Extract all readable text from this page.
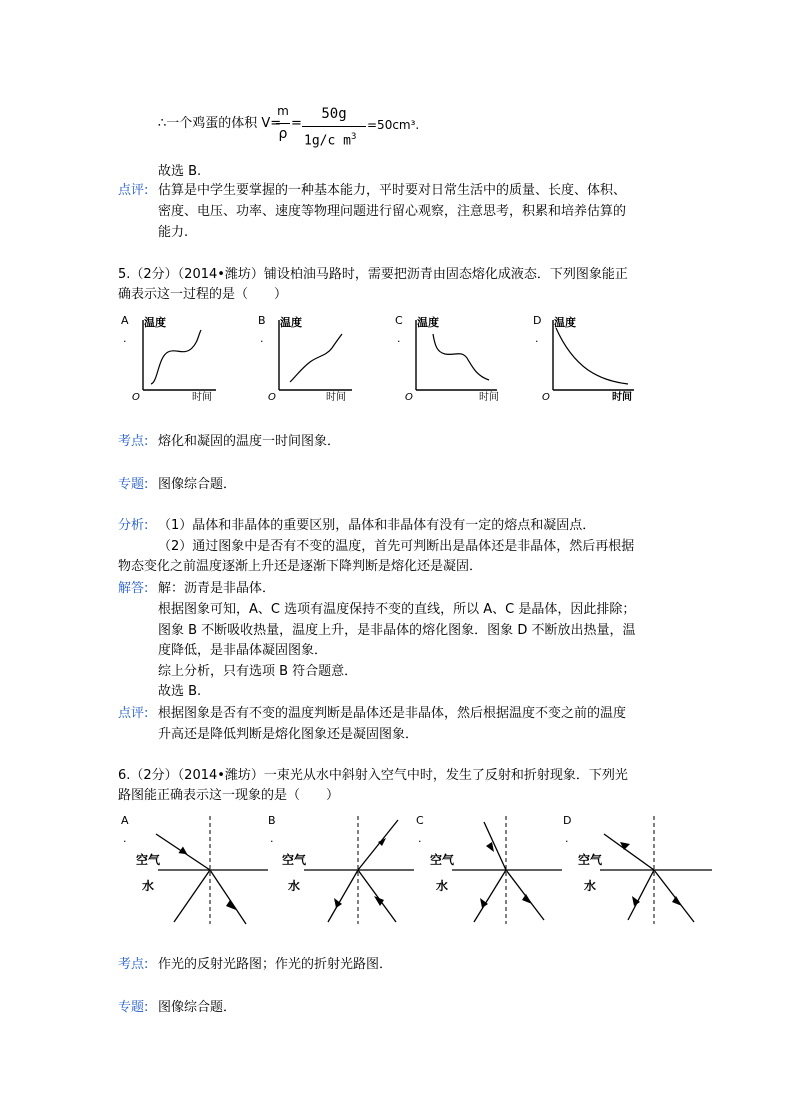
∴一个鸡蛋的体积 V=
m
ρ
=
50g
1g/c $m^3$
=50cm³.
故选 B.
点评: 估算是中学生要掌握的一种基本能力，平时要对日常生活中的质量、长度、体积、
密度、电压、功率、速度等物理问题进行留心观察，注意思考，积累和培养估算的
能力.
5.（2分）（2014•潍坊）铺设柏油马路时，需要把沥青由固态熔化成液态．下列图象能正
确表示这一过程的是（　　）
A
.
温度
O	时间
B
.
温度
O	时间
C
.
温度
O	时间
D
.
温度
O	时间
考点: 熔化和凝固的温度一时间图象．
专题: 图像综合题．
分析: （1）晶体和非晶体的重要区别，晶体和非晶体有没有一定的熔点和凝固点．
（2）通过图象中是否有不变的温度，首先可判断出是晶体还是非晶体，然后再根据
物态变化之前温度逐渐上升还是逐渐下降判断是熔化还是凝固．
解答: 解：沥青是非晶体．
根据图象可知，A、C 选项有温度保持不变的直线，所以 A、C 是晶体，因此排除；
图象 B 不断吸收热量，温度上升，是非晶体的熔化图象．图象 D 不断放出热量，温
度降低，是非晶体凝固图象．
综上分析，只有选项 B 符合题意．
故选 B.
点评: 根据图象是否有不变的温度判断是晶体还是非晶体，然后根据温度不变之前的温度
升高还是降低判断是熔化图象还是凝固图象．
6.（2分）（2014•潍坊）一束光从水中斜射入空气中时，发生了反射和折射现象．下列光
路图能正确表示这一现象的是（　　）
A
.
空气
水
B
.
空气
水
C
.
空气
水
D
.
空气
水
考点: 作光的反射光路图；作光的折射光路图．
专题: 图像综合题．
